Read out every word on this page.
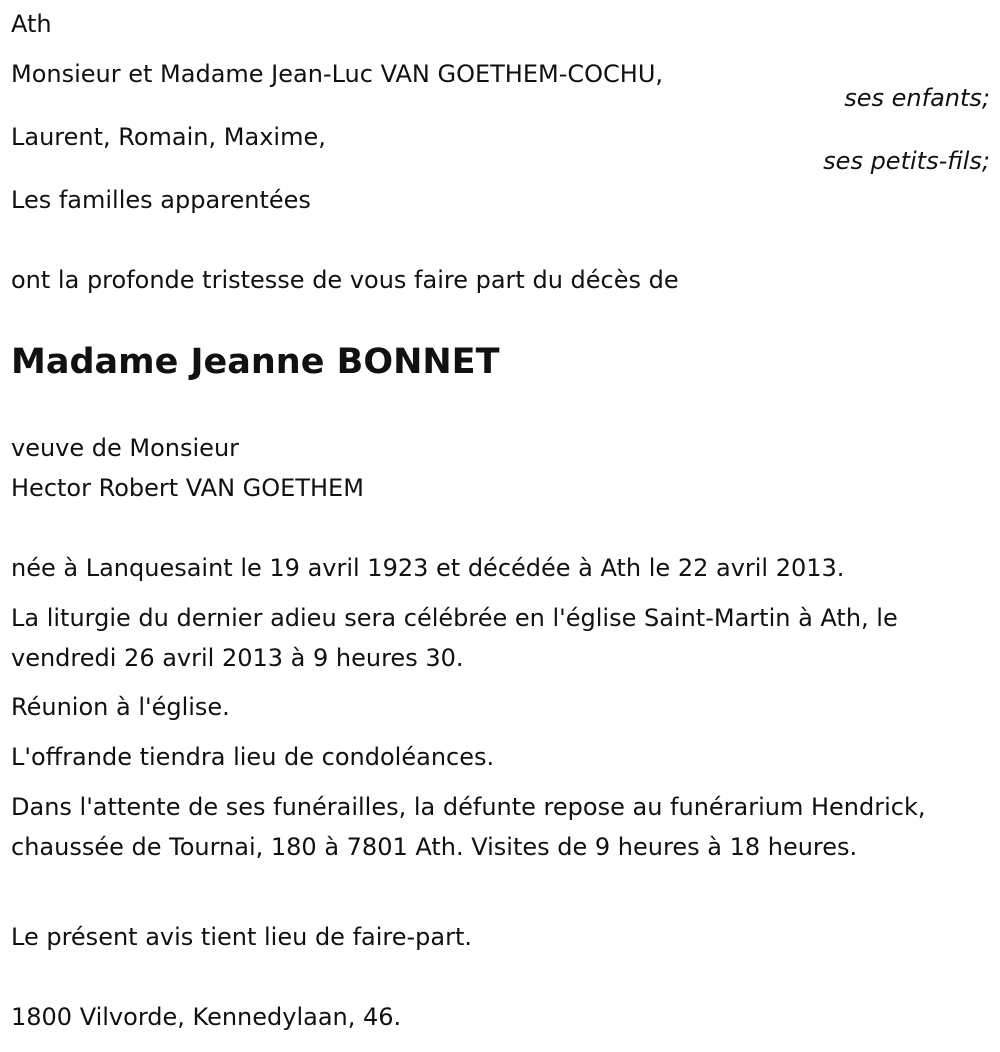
Ath
Monsieur et Madame Jean-Luc VAN GOETHEM-COCHU,
ses enfants;
Laurent, Romain, Maxime,
ses petits-fils;
Les familles apparentées
ont la profonde tristesse de vous faire part du décès de
Madame Jeanne BONNET
veuve de Monsieur
Hector Robert VAN GOETHEM
née à Lanquesaint le 19 avril 1923 et décédée à Ath le 22 avril 2013.
La liturgie du dernier adieu sera célébrée en l'église Saint-Martin à Ath, le vendredi 26 avril 2013 à 9 heures 30.
Réunion à l'église.
L'offrande tiendra lieu de condoléances.
Dans l'attente de ses funérailles, la défunte repose au funérarium Hendrick, chaussée de Tournai, 180 à 7801 Ath. Visites de 9 heures à 18 heures.
Le présent avis tient lieu de faire-part.
1800 Vilvorde, Kennedylaan, 46.
